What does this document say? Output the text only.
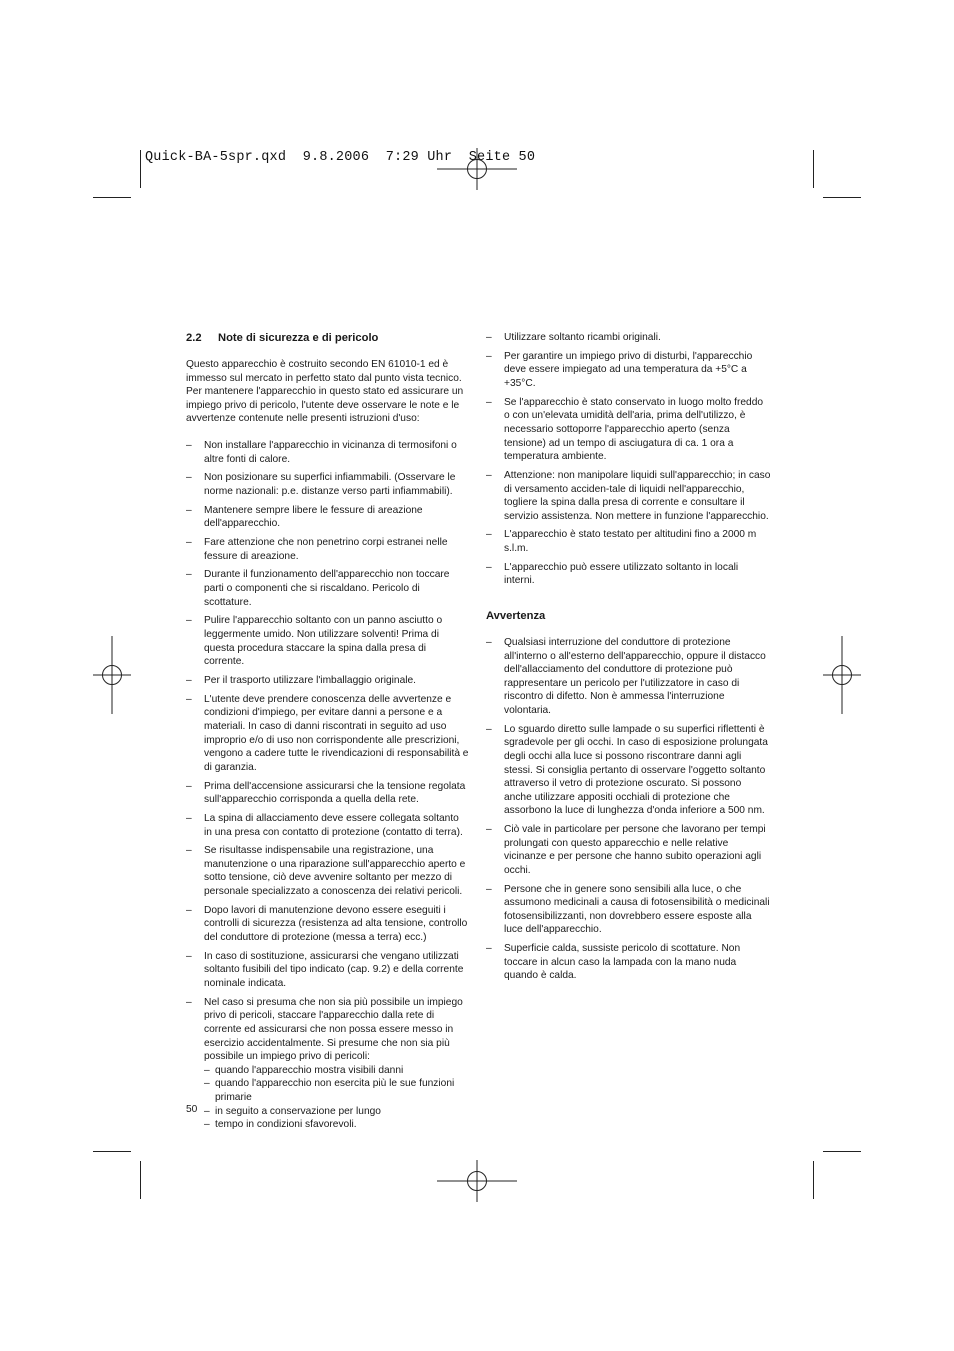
Quick-BA-5spr.qxd  9.8.2006  7:29 Uhr  Seite 50
2.2 Note di sicurezza e di pericolo
Questo apparecchio è costruito secondo EN 61010-1 ed è immesso sul mercato in perfetto stato dal punto vista tecnico. Per mantenere l'apparecchio in questo stato ed assicurare un impiego privo di pericolo, l'utente deve osservare le note e le avvertenze contenute nelle presenti istruzioni d'uso:
– Non installare l'apparecchio in vicinanza di termosifoni o altre fonti di calore.
– Non posizionare su superfici infiammabili. (Osservare le norme nazionali: p.e. distanze verso parti infiammabili).
– Mantenere sempre libere le fessure di areazione dell'apparecchio.
– Fare attenzione che non penetrino corpi estranei nelle fessure di areazione.
– Durante il funzionamento dell'apparecchio non toccare parti o componenti che si riscaldano. Pericolo di scottature.
– Pulire l'apparecchio soltanto con un panno asciutto o leggermente umido. Non utilizzare solventi! Prima di questa procedura staccare la spina dalla presa di corrente.
– Per il trasporto utilizzare l'imballaggio originale.
– L'utente deve prendere conoscenza delle avvertenze e condizioni d'impiego, per evitare danni a persone e a materiali. In caso di danni riscontrati in seguito ad uso improprio e/o di uso non corrispondente alle prescrizioni, vengono a cadere tutte le rivendicazioni di responsabilità e di garanzia.
– Prima dell'accensione assicurarsi che la tensione regolata sull'apparecchio corrisponda a quella della rete.
– La spina di allacciamento deve essere collegata soltanto in una presa con contatto di protezione (contatto di terra).
– Se risultasse indispensabile una registrazione, una manutenzione o una riparazione sull'apparecchio aperto e sotto tensione, ciò deve avvenire soltanto per mezzo di personale specializzato a conoscenza dei relativi pericoli.
– Dopo lavori di manutenzione devono essere eseguiti i controlli di sicurezza (resistenza ad alta tensione, controllo del conduttore di protezione (messa a terra) ecc.)
– In caso di sostituzione, assicurarsi che vengano utilizzati soltanto fusibili del tipo indicato (cap. 9.2) e della corrente nominale indicata.
– Nel caso si presuma che non sia più possibile un impiego privo di pericoli, staccare l'apparecchio dalla rete di corrente ed assicurarsi che non possa essere messo in esercizio accidentalmente. Si presume che non sia più possibile un impiego privo di pericoli:
– quando l'apparecchio mostra visibili danni
– quando l'apparecchio non esercita più le sue funzioni primarie
– in seguito a conservazione per lungo
– tempo in condizioni sfavorevoli.
– Utilizzare soltanto ricambi originali.
– Per garantire un impiego privo di disturbi, l'apparecchio deve essere impiegato ad una temperatura da +5°C a +35°C.
– Se l'apparecchio è stato conservato in luogo molto freddo o con un'elevata umidità dell'aria, prima dell'utilizzo, è necessario sottoporre l'apparecchio aperto (senza tensione) ad un tempo di asciugatura di ca. 1 ora a temperatura ambiente.
– Attenzione: non manipolare liquidi sull'apparecchio; in caso di versamento acciden-tale di liquidi nell'apparecchio, togliere la spina dalla presa di corrente e consultare il servizio assistenza. Non mettere in funzione l'apparecchio.
– L'apparecchio è stato testato per altitudini fino a 2000 m s.l.m.
– L'apparecchio può essere utilizzato soltanto in locali interni.
Avvertenza
– Qualsiasi interruzione del conduttore di protezione all'interno o all'esterno dell'apparecchio, oppure il distacco dell'allacciamento del conduttore di protezione può rappresentare un pericolo per l'utilizzatore in caso di riscontro di difetto. Non è ammessa l'interruzione volontaria.
– Lo sguardo diretto sulle lampade o su superfici riflettenti è sgradevole per gli occhi. In caso di esposizione prolungata degli occhi alla luce si possono riscontrare danni agli stessi. Si consiglia pertanto di osservare l'oggetto soltanto attraverso il vetro di protezione oscurato. Si possono anche utilizzare appositi occhiali di protezione che assorbono la luce di lunghezza d'onda inferiore a 500 nm.
– Ciò vale in particolare per persone che lavorano per tempi prolungati con questo apparecchio e nelle relative vicinanze e per persone che hanno subito operazioni agli occhi.
– Persone che in genere sono sensibili alla luce, o che assumono medicinali a causa di fotosensibilità o medicinali fotosensibilizzanti, non dovrebbero essere esposte alla luce dell'apparecchio.
– Superficie calda, sussiste pericolo di scottature. Non toccare in alcun caso la lampada con la mano nuda quando è calda.
50
